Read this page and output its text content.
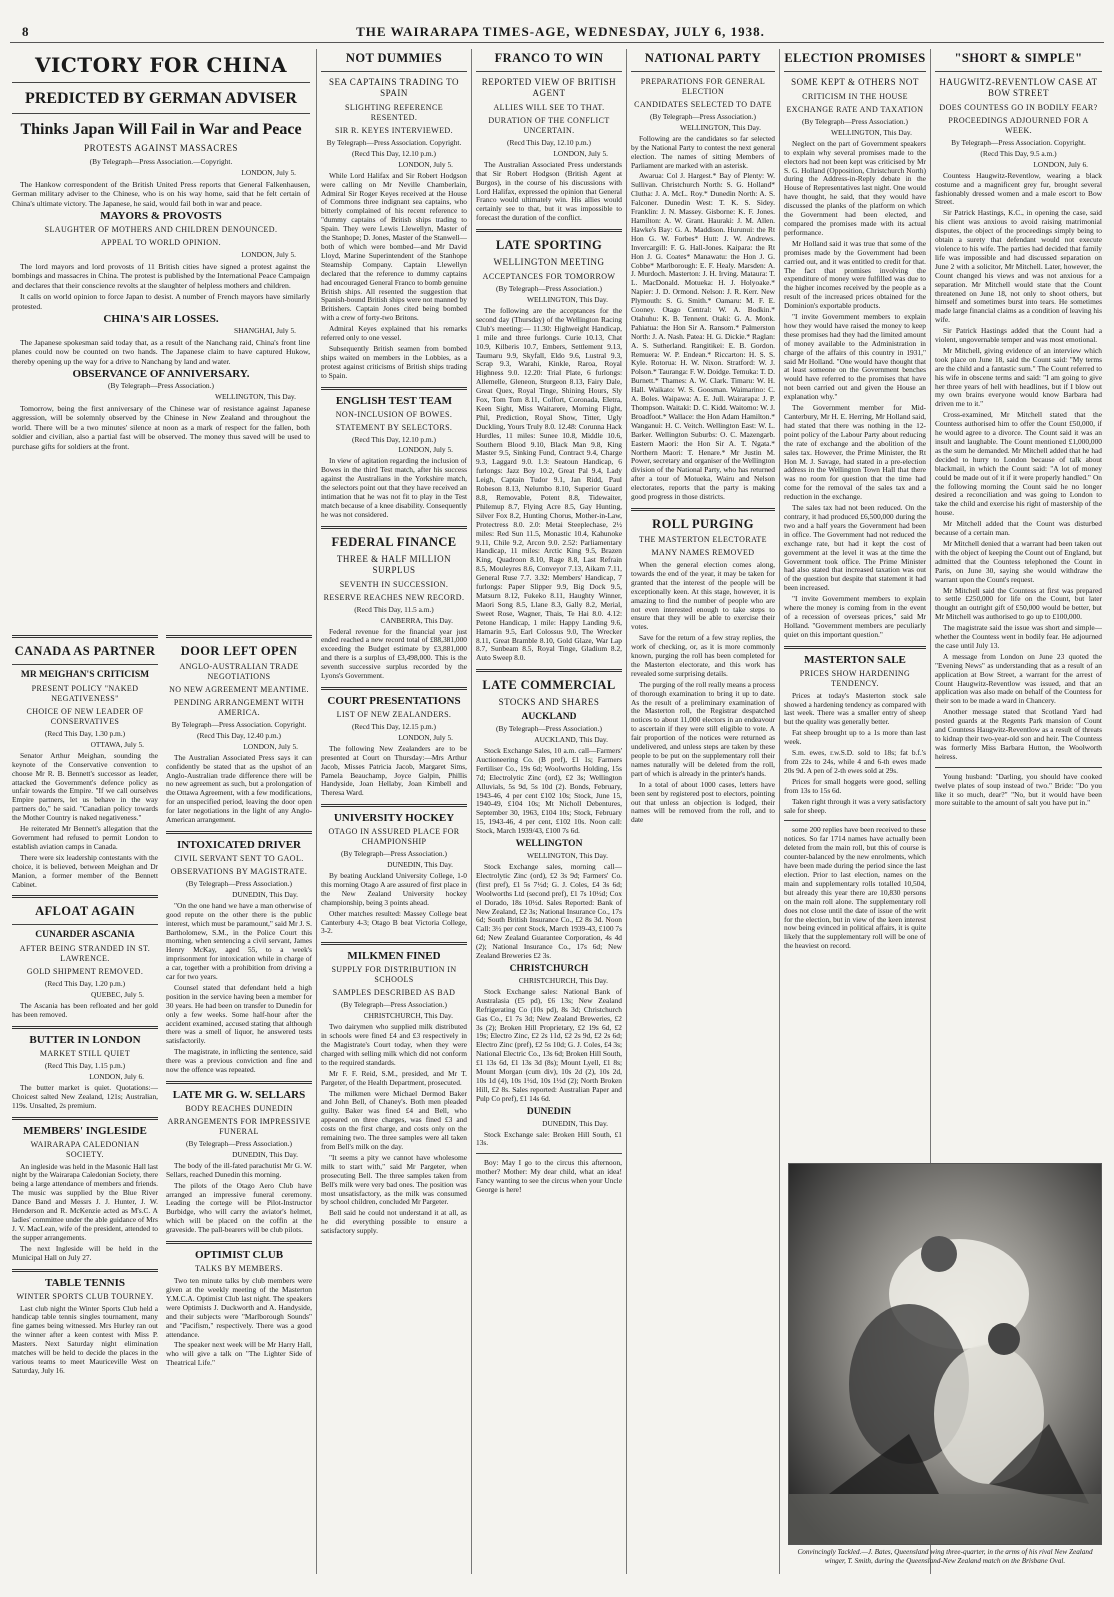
8	THE WAIRARAPA TIMES-AGE, WEDNESDAY, JULY 6, 1938.
VICTORY FOR CHINA
PREDICTED BY GERMAN ADVISER
Thinks Japan Will Fail in War and Peace
PROTESTS AGAINST MASSACRES
(By Telegraph—Press Association.—Copyright.

LONDON, July 5.

The Hankow correspondent of the British United Press reports that General Falkenhausen, German military adviser to the Chinese, who is on his way home, said that he felt certain of China's ultimate victory. The Japanese, he said, would fail both in war and peace.

MAYORS & PROVOSTS
SLAUGHTER OF MOTHERS AND CHILDREN DENOUNCED.
APPEAL TO WORLD OPINION.

LONDON, July 5.

The lord mayors and lord provosts of 11 British cities have signed a protest against the bombings and massacres in China. The protest is published by the International Peace Campaign and declares that their conscience revolts at the slaughter of helpless mothers and children.

It calls on world opinion to force Japan to desist. A number of French mayors have similarly protested.

CHINA'S AIR LOSSES.

SHANGHAI, July 5.

The Japanese spokesman said today that, as a result of the Nanchang raid, China's front line planes could now be counted on two hands. The Japanese claim to have captured Hukow, thereby opening up the way for a drive to Nanchang by land and water.

OBSERVANCE OF ANNIVERSARY.
(By Telegraph—Press Association.)

WELLINGTON, This Day.

Tomorrow, being the first anniversary of the Chinese war of resistance against Japanese aggression, will be solemnly observed by the Chinese in New Zealand and throughout the world. There will be a two minutes' silence at noon as a mark of respect for the fallen, both soldier and civilian, also a partial fast will be observed. The money thus saved will be used to purchase gifts for soldiers at the front.

CANADA AS PARTNER
MR MEIGHAN'S CRITICISM
PRESENT POLICY "NAKED NEGATIVENESS"
CHOICE OF NEW LEADER OF CONSERVATIVES
(Recd This Day, 1.30 p.m.)

OTTAWA, July 5.

Senator Arthur Meighan, sounding the keynote of the Conservative convention to choose Mr R. B. Bennett's successor as leader, attacked the Government's defence policy as unfair towards the Empire. "If we call ourselves Empire partners, let us behave in the way partners do," he said. "Canadian policy towards the Mother Country is naked negativeness."

He reiterated Mr Bennett's allegation that the Government had refused to permit London to establish aviation camps in Canada.

There were six leadership contestants with the choice, it is believed, between Meighan and Dr Manion, a former member of the Bennett Cabinet.

AFLOAT AGAIN
CUNARDER ASCANIA
AFTER BEING STRANDED IN ST. LAWRENCE.
GOLD SHIPMENT REMOVED.
(Recd This Day, 1.20 p.m.)

QUEBEC, July 5.

The Ascania has been refloated and her gold has been removed.

BUTTER IN LONDON
MARKET STILL QUIET
(Recd This Day, 1.15 p.m.)

LONDON, July 6.

The butter market is quiet. Quotations:—Choicest salted New Zealand, 121s; Australian, 119s. Unsalted, 2s premium.

MEMBERS' INGLESIDE
WAIRARAPA CALEDONIAN SOCIETY.

An ingleside was held in the Masonic Hall last night by the Wairarapa Caledonian Society, there being a large attendance of members and friends. The music was supplied by the Blue River Dance Band and Messrs J. J. Hunter, J. W. Henderson and R. McKenzie acted as M's.C. A ladies' committee under the able guidance of Mrs J. V. MacLean, wife of the president, attended to the supper arrangements.

The next Ingleside will be held in the Municipal Hall on July 27.

TABLE TENNIS
WINTER SPORTS CLUB TOURNEY.

Last club night the Winter Sports Club held a handicap table tennis singles tournament, many fine games being witnessed. Mrs Hurley ran out the winner after a keen contest with Miss P. Masters. Next Saturday night elimination matches will be held to decide the places in the various teams to meet Mauriceville West on Saturday, July 16.

DOOR LEFT OPEN
ANGLO-AUSTRALIAN TRADE NEGOTIATIONS
NO NEW AGREEMENT MEANTIME.
PENDING ARRANGEMENT WITH AMERICA.
By Telegraph—Press Association. Copyright.
(Recd This Day, 12.40 p.m.)

LONDON, July 5.

The Australian Associated Press says it can confidently be stated that as the upshot of an Anglo-Australian trade difference there will be no new agreement as such, but a prolongation of the Ottawa Agreement, with a few modifications, for an unspecified period, leaving the door open for later negotiations in the light of any Anglo-American arrangement.

INTOXICATED DRIVER
CIVIL SERVANT SENT TO GAOL.
OBSERVATIONS BY MAGISTRATE.
(By Telegraph—Press Association.)

DUNEDIN, This Day.

"On the one hand we have a man otherwise of good repute on the other there is the public interest, which must be paramount," said Mr J. S. Bartholomew, S.M., in the Police Court this morning, when sentencing a civil servant, James Henry McKay, aged 55, to a week's imprisonment for intoxication while in charge of a car, together with a prohibition from driving a car for two years.

Counsel stated that defendant held a high position in the service having been a member for 30 years. He had been on transfer to Dunedin for only a few weeks. Some half-hour after the accident examined, accused stating that although there was a smell of liquor, he answered tests satisfactorily.

The magistrate, in inflicting the sentence, said there was a previous conviction and fine and now the offence was repeated.

LATE MR G. W. SELLARS
BODY REACHES DUNEDIN
ARRANGEMENTS FOR IMPRESSIVE FUNERAL
(By Telegraph—Press Association.)

DUNEDIN, This Day.

The body of the ill-fated parachutist Mr G. W. Sellars, reached Dunedin this morning.

The pilots of the Otago Aero Club have arranged an impressive funeral ceremony. Leading the cortege will be Pilot-Instructor Burbidge, who will carry the aviator's helmet, which will be placed on the coffin at the graveside. The pall-bearers will be club pilots.

OPTIMIST CLUB
TALKS BY MEMBERS.

Two ten minute talks by club members were given at the weekly meeting of the Masterton Y.M.C.A. Optimist Club last night. The speakers were Optimists J. Duckworth and A. Handyside, and their subjects were "Marlborough Sounds" and "Pacifism," respectively. There was a good attendance.

The speaker next week will be Mr Harry Hall, who will give a talk on "The Lighter Side of Theatrical Life."

NOT DUMMIES
SEA CAPTAINS TRADING TO SPAIN
SLIGHTING REFERENCE RESENTED.
SIR R. KEYES INTERVIEWED.
By Telegraph—Press Association. Copyright.
(Recd This Day, 12.10 p.m.)

LONDON, July 5.

While Lord Halifax and Sir Robert Hodgson were calling on Mr Neville Chamberlain, Admiral Sir Roger Keyes received at the House of Commons three indignant sea captains, who bitterly complained of his recent reference to "dummy captains of British ships trading to Spain. They were Lewis Llewellyn, Master of the Stanhope; D. Jones, Master of the Stanwell—both of which were bombed—and Mr David Lloyd, Marine Superintendent of the Stanhope Steamship Company. Captain Llewellyn declared that the reference to dummy captains had encouraged General Franco to bomb genuine British ships. All resented the suggestion that Spanish-bound British ships were not manned by Britishers. Captain Jones cited being bombed with a crew of forty-two Britons.

Admiral Keyes explained that his remarks referred only to one vessel.

Subsequently British seamen from bombed ships waited on members in the Lobbies, as a protest against criticisms of British ships trading to Spain.

ENGLISH TEST TEAM
NON-INCLUSION OF BOWES.
STATEMENT BY SELECTORS.
(Recd This Day, 12.10 p.m.)

LONDON, July 5.

In view of agitation regarding the inclusion of Bowes in the third Test match, after his success against the Australians in the Yorkshire match, the selectors point out that they have received an intimation that he was not fit to play in the Test match because of a knee disability. Consequently he was not considered.

FEDERAL FINANCE
THREE & HALF MILLION SURPLUS
SEVENTH IN SUCCESSION.
RESERVE REACHES NEW RECORD.
(Recd This Day, 11.5 a.m.)

CANBERRA, This Day.

Federal revenue for the financial year just ended reached a new record total of £88,381,000 exceeding the Budget estimate by £3,881,000 and there is a surplus of £3,498,000. This is the seventh successive surplus recorded by the Lyons's Government.

COURT PRESENTATIONS
LIST OF NEW ZEALANDERS.
(Recd This Day, 12.15 p.m.)

LONDON, July 5.

The following New Zealanders are to be presented at Court on Thursday:—Mrs Arthur Jacob, Misses Patricia Jacob, Margaret Sims, Pamela Beauchamp, Joyce Galpin, Phillis Handyside, Joan Hellaby, Joan Kimbell and Theresa Ward.

UNIVERSITY HOCKEY
OTAGO IN ASSURED PLACE FOR CHAMPIONSHIP
(By Telegraph—Press Association.)

DUNEDIN, This Day.

By beating Auckland University College, 1-0 this morning Otago A are assured of first place in the New Zealand University hockey championship, being 3 points ahead.

Other matches resulted: Massey College beat Canterbury 4-3; Otago B beat Victoria College, 3-2.

MILKMEN FINED
SUPPLY FOR DISTRIBUTION IN SCHOOLS
SAMPLES DESCRIBED AS BAD
(By Telegraph—Press Association.)

CHRISTCHURCH, This Day.

Two dairymen who supplied milk distributed in schools were fined £4 and £3 respectively in the Magistrate's Court today, when they were charged with selling milk which did not conform to the required standards.

Mr F. F. Reid, S.M., presided, and Mr T. Pargeter, of the Health Department, prosecuted.

The milkmen were Michael Dermod Baker and John Bell, of Chaney's. Both men pleaded guilty. Baker was fined £4 and Bell, who appeared on three charges, was fined £3 and costs on the first charge, and costs only on the remaining two. The three samples were all taken from Bell's milk on the day.

"It seems a pity we cannot have wholesome milk to start with," said Mr Pargeter, when prosecuting Bell. The three samples taken from Bell's milk were very bad ones. The position was most unsatisfactory, as the milk was consumed by school children, concluded Mr Pargeter.

Bell said he could not understand it at all, as he did everything possible to ensure a satisfactory supply.

FRANCO TO WIN
REPORTED VIEW OF BRITISH AGENT
ALLIES WILL SEE TO THAT.
DURATION OF THE CONFLICT UNCERTAIN.
(Recd This Day, 12.10 p.m.)

LONDON, July 5.

The Australian Associated Press understands that Sir Robert Hodgson (British Agent at Burgos), in the course of his discussions with Lord Halifax, expressed the opinion that General Franco would ultimately win. His allies would certainly see to that, but it was impossible to forecast the duration of the conflict.

LATE SPORTING
WELLINGTON MEETING
ACCEPTANCES FOR TOMORROW
(By Telegraph—Press Association.)

WELLINGTON, This Day.

The following are the acceptances for the second day (Thursday) of the Wellington Racing Club's meeting:— 11.30: Highweight Handicap, 1 mile and three furlongs. Curie 10.13, Chat 10.9, Kilberis 10.7, Embers, Settlement 9.13, Taumaru 9.9, Skyfall, Eldo 9.6, Lustral 9.3, Scrap 9.3, Warahi, Kinkle, Raroa, Royal Highness 9.0. 12.20: Trial Plate, 6 furlongs: Allemelle, Gleneon, Sturgeon 8.13, Fairy Dale, Great Quex, Royal Tinge, Shining Hours, Sly Fox, Tom Tom 8.11, Colfort, Coronada, Eletra, Keen Sight, Miss Waitarere, Morning Flight, Phil, Prediction, Royal Show, Titter, Ugly Duckling, Yours Truly 8.0. 12.48: Corunna Hack Hurdles, 11 miles: Sunee 10.8, Middle 10.6, Southern Blood 9.10, Black Man 9.8, King Master 9.5, Sinking Fund, Contract 9.4, Charge 9.3, Laggard 9.0. 1.3: Seatoun Handicap, 6 furlongs: Jazz Boy 10.2, Great Pal 9.4, Lady Leigh, Captain Tudor 9.1, Jan Ridd, Paul Robeson 8.13, Nelumbo 8.10, Superior Guard 8.8, Removable, Potent 8.8, Tidewaiter, Philemup 8.7, Flying Acre 8.5, Gay Hunting, Silver Fox 8.2, Hunting Chorus, Mother-in-Law, Protectress 8.0. 2.0: Metai Steeplechase, 2½ miles: Red Sun 11.5, Monastic 10.4, Kahunoke 9.11, Chile 9.2, Arcon 9.0. 2.52: Parliamentary Handicap, 11 miles: Arctic King 9.5, Brazen King, Quadroon 8.10, Rage 8.8, Last Refrain 8.5, Mouleyres 8.6, Conveyor 7.13, Aikam 7.11, General Ruse 7.7. 3.32: Members' Handicap, 7 furlongs: Paper Slipper 9.9, Big Dock 9.5, Matsurn 8.12, Fukeko 8.11, Haughty Winner, Maori Song 8.5, Llane 8.3, Gally 8.2, Merial, Sweet Rose, Wagner, Thais, Te Hai 8.0. 4.12: Petone Handicap, 1 mile: Happy Landing 9.6, Hamarin 9.5, Earl Colossus 9.0, The Wrecker 8.11, Great Bramble 8.10, Gold Glaze, War Lap 8.7, Sunbeam 8.5, Royal Tinge, Gladium 8.2, Auto Sweep 8.0.

LATE COMMERCIAL
STOCKS AND SHARES
AUCKLAND
(By Telegraph—Press Association.)

AUCKLAND, This Day.

Stock Exchange Sales, 10 a.m. call—Farmers' Auctioneering Co. (B pref), £1 1s; Farmers Fertiliser Co., 19s 6d; Woolworths Holding, 15s 7d; Electrolytic Zinc (ord), £2 3s; Wellington Alluvials, 5s 9d, 5s 10d (2). Bonds, February, 1943-46, 4 per cent £102 10s; Stock, June 15, 1940-49, £104 10s; Mt Nicholl Debentures, September 30, 1963, £104 10s; Stock, February 15, 1943-46, 4 per cent, £102 10s. Noon call: Stock, March 1939/43, £100 7s 6d.

WELLINGTON

WELLINGTON, This Day.

Stock Exchange sales, morning call—Electrolytic Zinc (ord), £2 3s 9d; Farmers' Co. (first pref), £1 5s 7½d; G. J. Coles, £4 3s 6d; Woolworths Ltd (second pref), £1 7s 10½d; Cox el Dorado, 18s 10½d. Sales Reported: Bank of New Zealand, £2 3s; National Insurance Co., 17s 6d; South British Insurance Co., £2 8s 3d. Noon Call: 3½ per cent Stock, March 1939-43, £100 7s 6d; New Zealand Guarantee Corporation, 4s 4d (2); National Insurance Co., 17s 6d; New Zealand Breweries £2 3s.

CHRISTCHURCH

CHRISTCHURCH, This Day.

Stock Exchange sales: National Bank of Australasia (£5 pd), £6 13s; New Zealand Refrigerating Co (10s pd), 8s 3d; Christchurch Gas Co., £1 7s 3d; New Zealand Breweries, £2 3s (2); Broken Hill Proprietary, £2 19s 6d, £2 19s; Electro Zinc, £2 2s 11d, £2 2s 9d, £2 2s 6d; Electro Zinc (pref), £2 5s 10d; G. J. Coles, £4 3s; National Electric Co., 13s 6d; Broken Hill South, £1 13s 6d, £1 13s 3d (8s); Mount Lyell, £1 8s; Mount Morgan (cum div), 10s 2d (2), 10s 2d, 10s 1d (4), 10s 1½d, 10s 1½d (2); North Broken Hill, £2 8s. Sales reported: Australian Paper and Pulp Co pref), £1 14s 6d.

DUNEDIN

DUNEDIN, This Day.

Stock Exchange sale: Broken Hill South, £1 13s.

Boy: May I go to the circus this afternoon, mother? Mother: My dear child, what an idea! Fancy wanting to see the circus when your Uncle George is here!

NATIONAL PARTY
PREPARATIONS FOR GENERAL ELECTION
CANDIDATES SELECTED TO DATE
(By Telegraph—Press Association.)

WELLINGTON, This Day.

Following are the candidates so far selected by the National Party to contest the next general election. The names of sitting Members of Parliament are marked with an asterisk.

Awarua: Col J. Hargest.* Bay of Plenty: W. Sullivan. Christchurch North: S. G. Holland* Clutha: J. A. McL. Roy.* Dunedin North: A. S. Falconer. Dunedin West: T. K. S. Sidey. Franklin: J. N. Massey. Gisborne: K. F. Jones. Hamilton: A. W. Grant. Hauraki: J. M. Allen. Hawke's Bay: G. A. Maddison. Hurunui: the Rt Hon G. W. Forbes* Hutt: J. W. Andrews. Invercargill: F. G. Hall-Jones. Kaipara: the Rt Hon J. G. Coates* Manawatu: the Hon J. G. Cobbe* Marlborough: E. F. Healy. Marsden: A. J. Murdoch. Masterton: J. H. Irving. Mataura: T. L. MacDonald. Motueka: H. J. Holyoake.* Napier: J. D. Ormond. Nelson: J. R. Kerr. New Plymouth: S. G. Smith.* Oamaru: M. F. E. Cooney. Otago Central: W. A. Bodkin.* Otahuhu: K. B. Tennent. Otaki: G. A. Monk. Pahiatua: the Hon Sir A. Ransom.* Palmerston North: J. A. Nash. Patea: H. G. Dickie.* Raglan: A. S. Sutherland. Rangitikei: E. B. Gordon. Remuera: W. P. Endean.* Riccarton: H. S. S. Kyle. Rotorua: H. W. Nixon. Stratford: W. J. Polson.* Tauranga: F. W. Doidge. Temuka: T. D. Burnett.* Thames: A. W. Clark. Timaru: W. H. Hall. Waikato: W. S. Goosman. Waimarino: C. A. Boles. Waipawa: A. E. Jull. Wairarapa: J. P. Thompson. Waitaki: D. C. Kidd. Waitomo: W. J. Broadfoot.* Wallace: the Hon Adam Hamilton.* Wanganui: H. C. Veitch. Wellington East: W. L. Barker. Wellington Suburbs: O. C. Mazengarb. Eastern Maori: the Hon Sir A. T. Ngata.* Northern Maori: T. Henare.* Mr Justin M. Power, secretary and organiser of the Wellington division of the National Party, who has returned after a tour of Motueka, Wairu and Nelson electorates, reports that the party is making good progress in those districts.

ROLL PURGING
THE MASTERTON ELECTORATE
MANY NAMES REMOVED

When the general election comes along, towards the end of the year, it may be taken for granted that the interest of the people will be exceptionally keen. At this stage, however, it is amazing to find the number of people who are not even interested enough to take steps to ensure that they will be able to exercise their votes.

Save for the return of a few stray replies, the work of checking, or, as it is more commonly known, purging the roll has been completed for the Masterton electorate, and this work has revealed some surprising details.

The purging of the roll really means a process of thorough examination to bring it up to date. As the result of a preliminary examination of the Masterton roll, the Registrar despatched notices to about 11,000 electors in an endeavour to ascertain if they were still eligible to vote. A fair proportion of the notices were returned as undelivered, and unless steps are taken by these people to be put on the supplementary roll their names naturally will be deleted from the roll, part of which is already in the printer's hands.

In a total of about 1000 cases, letters have been sent by registered post to electors, pointing out that unless an objection is lodged, their names will be removed from the roll, and to date

ELECTION PROMISES
SOME KEPT & OTHERS NOT
CRITICISM IN THE HOUSE
EXCHANGE RATE AND TAXATION
(By Telegraph—Press Association.)

WELLINGTON, This Day.

Neglect on the part of Government speakers to explain why several promises made to the electors had not been kept was criticised by Mr S. G. Holland (Opposition, Christchurch North) during the Address-in-Reply debate in the House of Representatives last night. One would have thought, he said, that they would have discussed the planks of the platform on which the Government had been elected, and compared the promises made with its actual performance.

Mr Holland said it was true that some of the promises made by the Government had been carried out, and it was entitled to credit for that. The fact that promises involving the expenditure of money were fulfilled was due to the higher incomes received by the people as a result of the increased prices obtained for the Dominion's exportable products.

"I invite Government members to explain how they would have raised the money to keep these promises had they had the limited amount of money available to the Administration in charge of the affairs of this country in 1931," said Mr Holland. "One would have thought that at least someone on the Government benches would have referred to the promises that have not been carried out and given the House an explanation why."

The Government member for Mid-Canterbury, Mr H. E. Herring, Mr Holland said, had stated that there was nothing in the 12-point policy of the Labour Party about reducing the rate of exchange and the abolition of the sales tax. However, the Prime Minister, the Rt Hon M. J. Savage, had stated in a pre-election address in the Wellington Town Hall that there was no room for question that the time had come for the removal of the sales tax and a reduction in the exchange.

The sales tax had not been reduced. On the contrary, it had produced £6,500,000 during the two and a half years the Government had been in office. The Government had not reduced the exchange rate, but had it kept the cost of government at the level it was at the time the Government took office. The Prime Minister had also stated that increased taxation was out of the question but despite that statement it had been increased.

"I invite Government members to explain where the money is coming from in the event of a recession of overseas prices," said Mr Holland. "Government members are peculiarly quiet on this important question."

MASTERTON SALE
PRICES SHOW HARDENING TENDENCY.

Prices at today's Masterton stock sale showed a hardening tendency as compared with last week. There was a smaller entry of sheep but the quality was generally better.

Fat sheep brought up to a 1s more than last week.

S.m. ewes, r.w.S.D. sold to 18s; fat b.f.'s from 22s to 24s, while 4 and 6-th ewes made 20s 9d. A pen of 2-th ewes sold at 29s.

Prices for small hoggets were good, selling from 13s to 15s 6d.

Taken right through it was a very satisfactory sale for sheep.

some 200 replies have been received to these notices. So far 1714 names have actually been deleted from the main roll, but this of course is counter-balanced by the new enrolments, which have been made during the period since the last election. Prior to last election, names on the main and supplementary rolls totalled 10,504, but already this year there are 10,830 persons on the main roll alone. The supplementary roll does not close until the date of issue of the writ for the election, but in view of the keen interest now being evinced in political affairs, it is quite likely that the supplementary roll will be one of the heaviest on record.

"SHORT & SIMPLE"
HAUGWITZ-REVENTLOW CASE AT BOW STREET
DOES COUNTESS GO IN BODILY FEAR?
PROCEEDINGS ADJOURNED FOR A WEEK.
By Telegraph—Press Association. Copyright.
(Recd This Day, 9.5 a.m.)

LONDON, July 6.

Countess Haugwitz-Reventlow, wearing a black costume and a magnificent grey fur, brought several fashionably dressed women and a male escort to Bow Street.

Sir Patrick Hastings, K.C., in opening the case, said his client was anxious to avoid raising matrimonial disputes, the object of the proceedings simply being to obtain a surety that defendant would not execute violence to his wife. The parties had decided that family life was impossible and had discussed separation on June 2 with a solicitor, Mr Mitchell. Later, however, the Count changed his views and was not anxious for a separation. Mr Mitchell would state that the Count threatened on June 18, not only to shoot others, but himself and sometimes burst into tears. He sometimes made large financial claims as a condition of leaving his wife.

Sir Patrick Hastings added that the Count had a violent, ungovernable temper and was most emotional.

Mr Mitchell, giving evidence of an interview which took place on June 18, said the Count said: "My terms are the child and a fantastic sum." The Count referred to his wife in obscene terms and said: "I am going to give her three years of hell with headlines, but if I blow out my own brains everyone would know Barbara had driven me to it."

Cross-examined, Mr Mitchell stated that the Countess authorised him to offer the Count £50,000, if he would agree to a divorce. The Count said it was an insult and laughable. The Count mentioned £1,000,000 as the sum he demanded. Mr Mitchell added that he had decided to hurry to London because of talk about blackmail, in which the Count said: "A lot of money could be made out of it if it were properly handled." On the following morning the Count said he no longer desired a reconciliation and was going to London to take the child and exercise his right of mastership of the house.

Mr Mitchell added that the Count was disturbed because of a certain man.

Mr Mitchell denied that a warrant had been taken out with the object of keeping the Count out of England, but admitted that the Countess telephoned the Count in Paris, on June 30, saying she would withdraw the warrant upon the Count's request.

Mr Mitchell said the Countess at first was prepared to settle £250,000 for life on the Count, but later thought an outright gift of £50,000 would be better, but Mr Mitchell was authorised to go up to £100,000.

The magistrate said the issue was short and simple—whether the Countess went in bodily fear. He adjourned the case until July 13.

A message from London on June 23 quoted the "Evening News" as understanding that as a result of an application at Bow Street, a warrant for the arrest of Count Haugwitz-Reventlow was issued, and that an application was also made on behalf of the Countess for their son to be made a ward in Chancery.

Another message stated that Scotland Yard had posted guards at the Regents Park mansion of Count and Countess Haugwitz-Reventlow as a result of threats to kidnap their two-year-old son and heir. The Countess was formerly Miss Barbara Hutton, the Woolworth heiress.

Young husband: "Darling, you should have cooked twelve plates of soup instead of two." Bride: "Do you like it so much, dear?" "No, but it would have been more suitable to the amount of salt you have put in."

Convincingly Tackled.—J. Bates, Queensland wing three-quarter, in the arms of his rival New Zealand winger, T. Smith, during the Queensland-New Zealand match on the Brisbane Oval.
